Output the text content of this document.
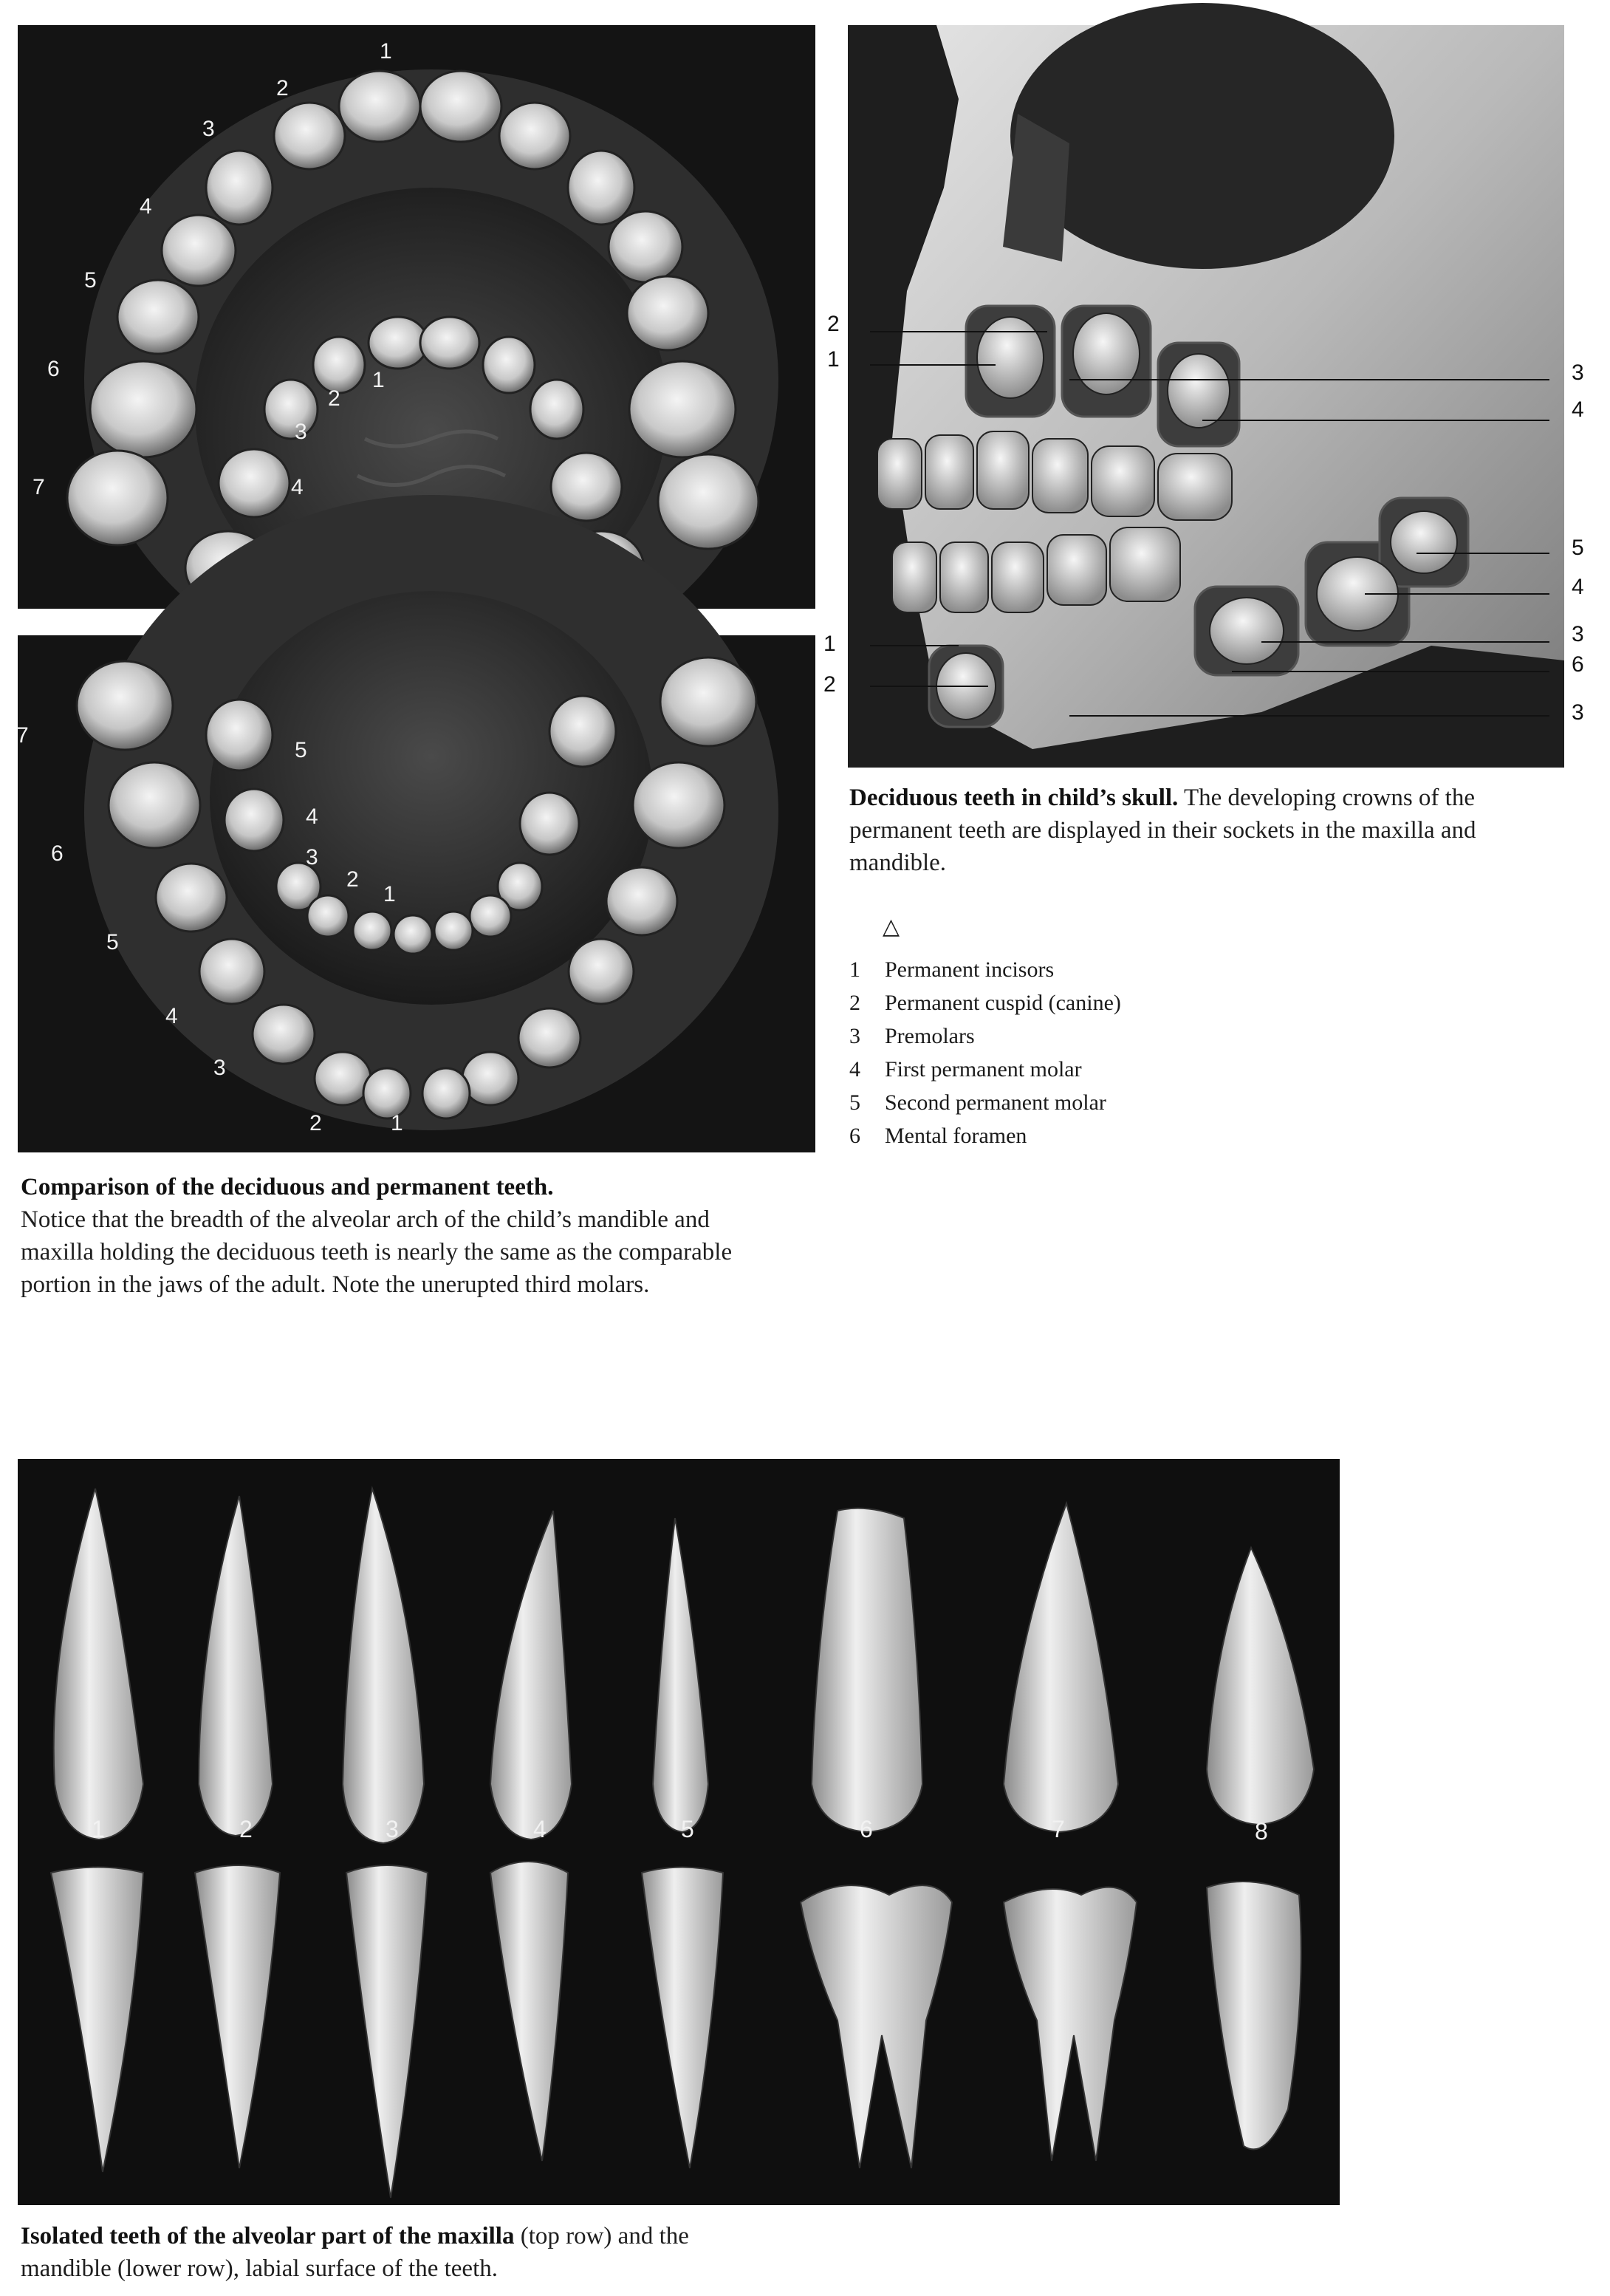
1
2
3
4
5
6
7
1
2
3
4
5
4
3
2
1
7
6
5
4
3
2	1
2
1
1
2
3
4
5
4
3
6
3
Deciduous teeth in child’s skull. The developing crowns of the permanent teeth are displayed in their sockets in the maxilla and mandible.
△
1	Permanent incisors
2	Permanent cuspid (canine)
3	Premolars
4	First permanent molar
5	Second permanent molar
6	Mental foramen
Comparison of the deciduous and permanent teeth.
Notice that the breadth of the alveolar arch of the child’s mandible and maxilla holding the deciduous teeth is nearly the same as the comparable portion in the jaws of the adult. Note the unerupted third molars.
1	2	3	4	5	6	7	8
Isolated teeth of the alveolar part of the maxilla (top row) and the mandible (lower row), labial surface of the teeth.
